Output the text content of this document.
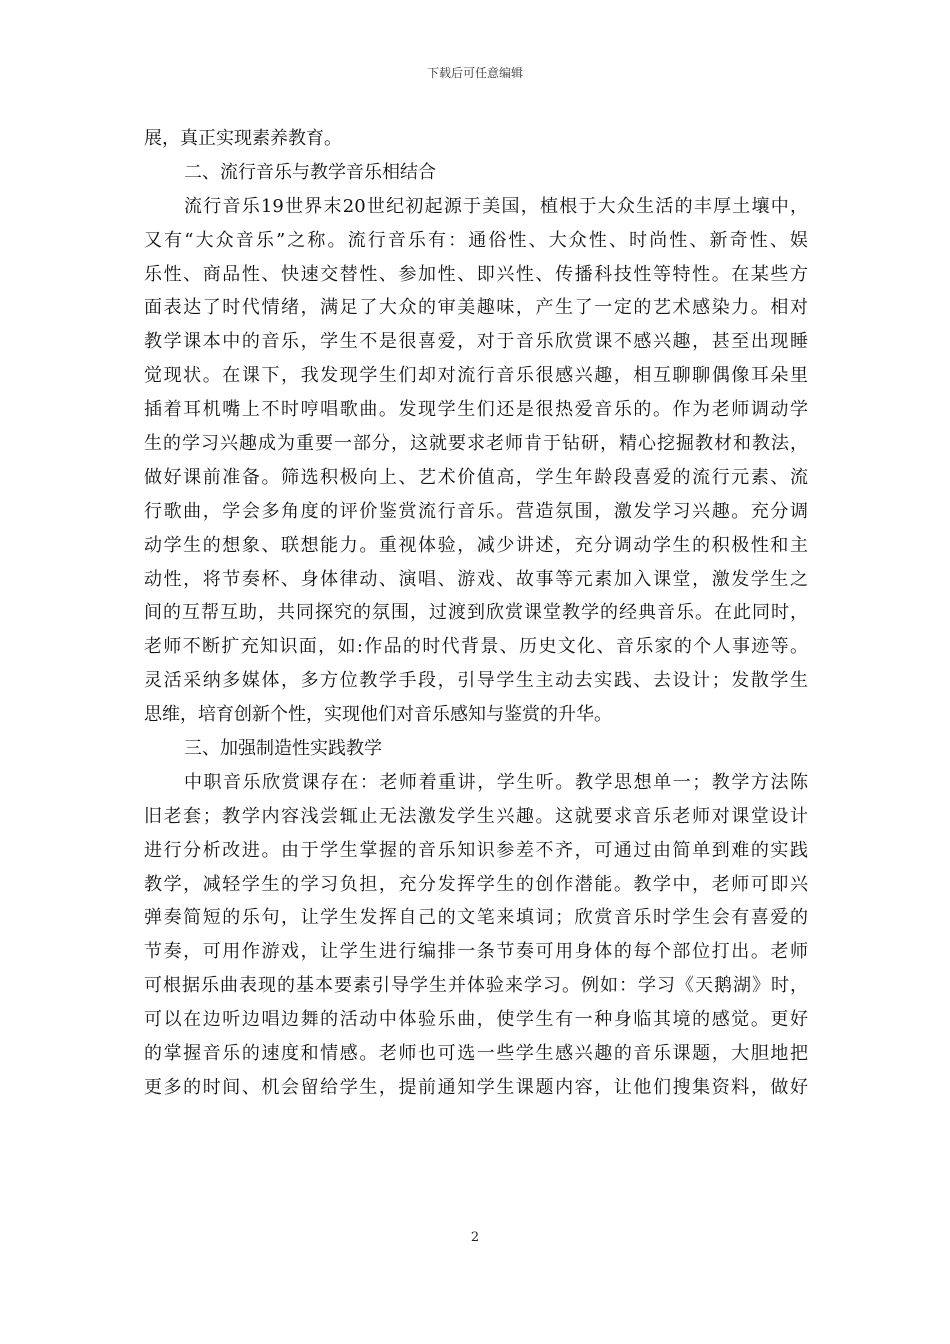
下载后可任意编辑
展，真正实现素养教育。
二、流行音乐与教学音乐相结合
流行音乐19世界末20世纪初起源于美国，植根于大众生活的丰厚土壤中，
又有“大众音乐”之称。流行音乐有：通俗性、大众性、时尚性、新奇性、娱
乐性、商品性、快速交替性、参加性、即兴性、传播科技性等特性。在某些方
面表达了时代情绪，满足了大众的审美趣味，产生了一定的艺术感染力。相对
教学课本中的音乐，学生不是很喜爱，对于音乐欣赏课不感兴趣，甚至出现睡
觉现状。在课下，我发现学生们却对流行音乐很感兴趣，相互聊聊偶像耳朵里
插着耳机嘴上不时哼唱歌曲。发现学生们还是很热爱音乐的。作为老师调动学
生的学习兴趣成为重要一部分，这就要求老师肯于钻研，精心挖掘教材和教法，
做好课前准备。筛选积极向上、艺术价值高，学生年龄段喜爱的流行元素、流
行歌曲，学会多角度的评价鉴赏流行音乐。营造氛围，激发学习兴趣。充分调
动学生的想象、联想能力。重视体验，减少讲述，充分调动学生的积极性和主
动性，将节奏杯、身体律动、演唱、游戏、故事等元素加入课堂，激发学生之
间的互帮互助，共同探究的氛围，过渡到欣赏课堂教学的经典音乐。在此同时，
老师不断扩充知识面，如:作品的时代背景、历史文化、音乐家的个人事迹等。
灵活采纳多媒体，多方位教学手段，引导学生主动去实践、去设计；发散学生
思维，培育创新个性，实现他们对音乐感知与鉴赏的升华。
三、加强制造性实践教学
中职音乐欣赏课存在：老师着重讲，学生听。教学思想单一；教学方法陈
旧老套；教学内容浅尝辄止无法激发学生兴趣。这就要求音乐老师对课堂设计
进行分析改进。由于学生掌握的音乐知识参差不齐，可通过由简单到难的实践
教学，减轻学生的学习负担，充分发挥学生的创作潜能。教学中，老师可即兴
弹奏简短的乐句，让学生发挥自己的文笔来填词；欣赏音乐时学生会有喜爱的
节奏，可用作游戏，让学生进行编排一条节奏可用身体的每个部位打出。老师
可根据乐曲表现的基本要素引导学生并体验来学习。例如：学习《天鹅湖》时，
可以在边听边唱边舞的活动中体验乐曲，使学生有一种身临其境的感觉。更好
的掌握音乐的速度和情感。老师也可选一些学生感兴趣的音乐课题，大胆地把
更多的时间、机会留给学生，提前通知学生课题内容，让他们搜集资料，做好
2
